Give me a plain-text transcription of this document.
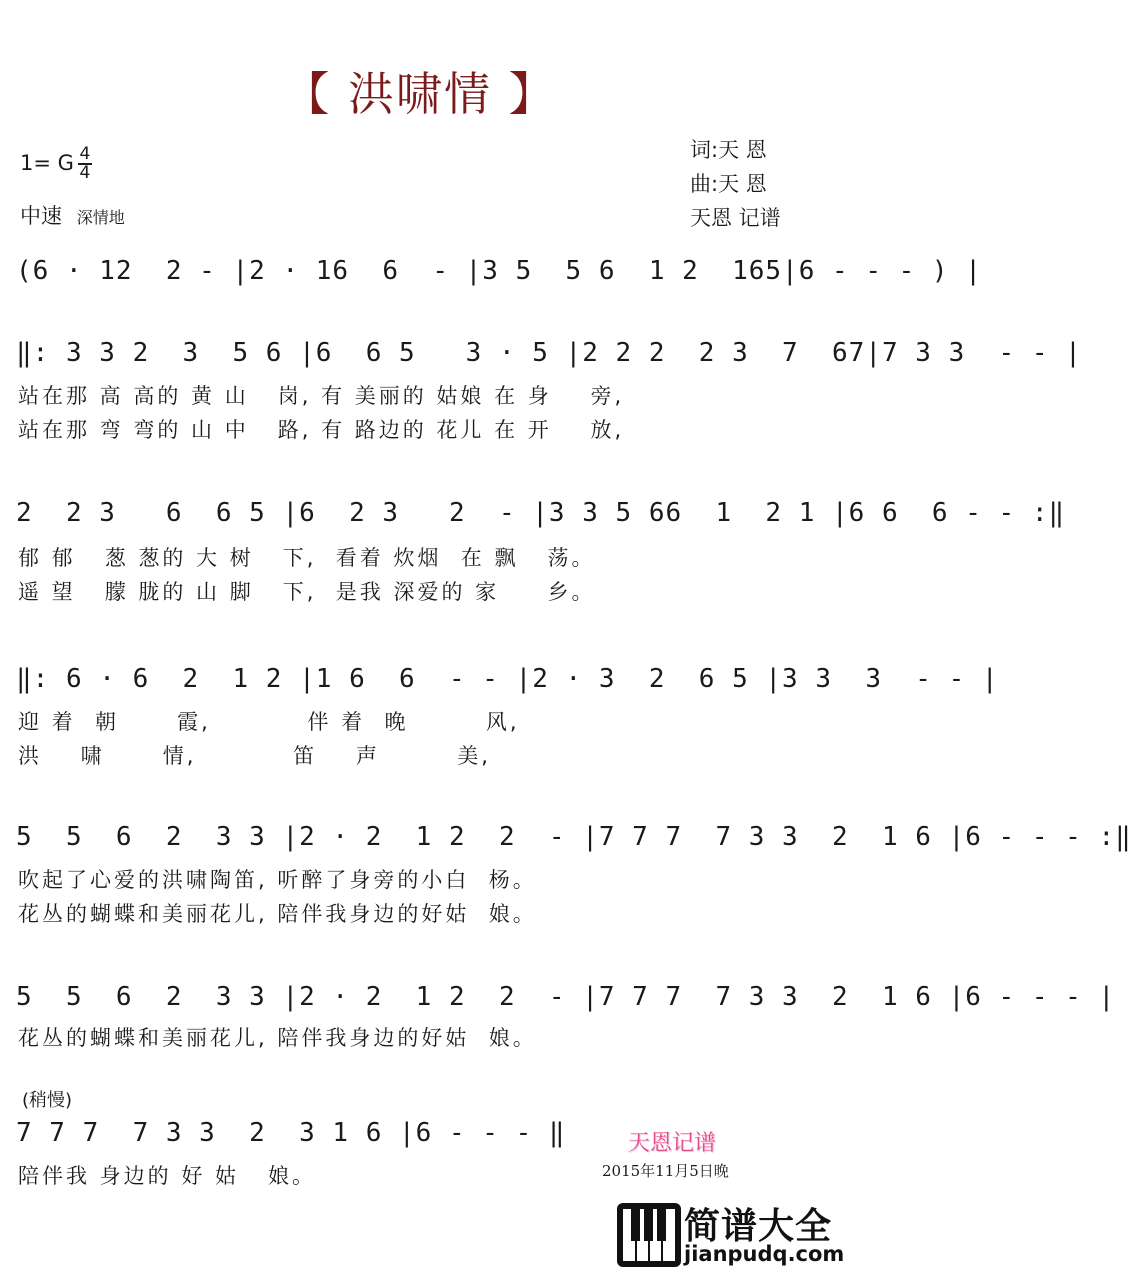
【 洪啸情 】
1= G $\frac{4}{4}$
中速 深情地
词:天 恩
曲:天 恩
天恩 记谱
(6 · 12  2 - |2 · 16  6  - |3 5  5 6  1 2  165|6 - - - ) |
‖: 3 3 2  3  5 6 |6  6 5   3 · 5 |2 2 2  2 3  7  67|7 3 3  - - |
站在那 高 高的 黄 山   岗, 有 美丽的 姑娘 在 身    旁,
站在那 弯 弯的 山 中   路, 有 路边的 花儿 在 开    放,
2  2 3   6  6 5 |6  2 3   2  - |3 3 5 66  1  2 1 |6 6  6 - - :‖
郁 郁   葱 葱的 大 树   下,  看着 炊烟  在 飘   荡。
遥 望   朦 胧的 山 脚   下,  是我 深爱的 家     乡。
‖: 6 · 6  2  1 2 |1 6  6  - - |2 · 3  2  6 5 |3 3  3  - - |
迎 着  朝      霞,          伴 着  晚        风,
洪    啸      情,          笛    声        美,
5  5  6  2  3 3 |2 · 2  1 2  2  - |7 7 7  7 3 3  2  1 6 |6 - - - :‖
吹起了心爱的洪啸陶笛, 听醉了身旁的小白  杨。
花丛的蝴蝶和美丽花儿, 陪伴我身边的好姑  娘。
5  5  6  2  3 3 |2 · 2  1 2  2  - |7 7 7  7 3 3  2  1 6 |6 - - - |
花丛的蝴蝶和美丽花儿, 陪伴我身边的好姑  娘。
(稍慢)
7 7 7  7 3 3  2  3 1 6 |6 - - - ‖
陪伴我 身边的 好 姑   娘。
天恩记谱
2015年11月5日晚
简谱大全
jianpudq.com
